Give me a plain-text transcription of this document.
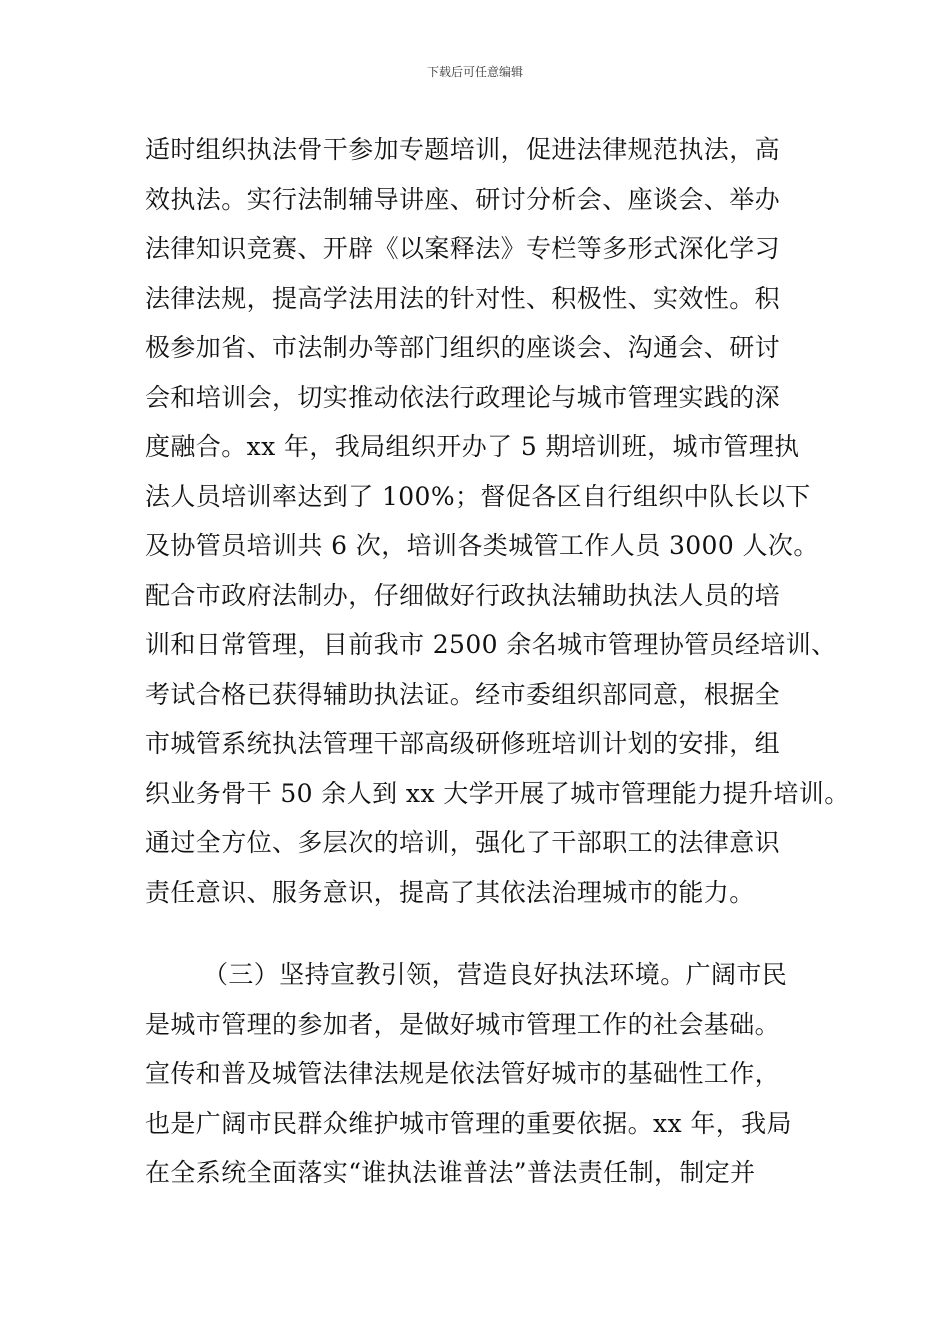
下载后可任意编辑
适时组织执法骨干参加专题培训，促进法律规范执法，高
效执法。实行法制辅导讲座、研讨分析会、座谈会、举办
法律知识竞赛、开辟《以案释法》专栏等多形式深化学习
法律法规，提高学法用法的针对性、积极性、实效性。积
极参加省、市法制办等部门组织的座谈会、沟通会、研讨
会和培训会，切实推动依法行政理论与城市管理实践的深
度融合。xx 年，我局组织开办了 5 期培训班，城市管理执
法人员培训率达到了 100%；督促各区自行组织中队长以下
及协管员培训共 6 次，培训各类城管工作人员 3000 人次。
配合市政府法制办，仔细做好行政执法辅助执法人员的培
训和日常管理，目前我市 2500 余名城市管理协管员经培训、
考试合格已获得辅助执法证。经市委组织部同意，根据全
市城管系统执法管理干部高级研修班培训计划的安排，组
织业务骨干 50 余人到 xx 大学开展了城市管理能力提升培训。
通过全方位、多层次的培训，强化了干部职工的法律意识
责任意识、服务意识，提高了其依法治理城市的能力。
（三）坚持宣教引领，营造良好执法环境。广阔市民
是城市管理的参加者，是做好城市管理工作的社会基础。
宣传和普及城管法律法规是依法管好城市的基础性工作，
也是广阔市民群众维护城市管理的重要依据。xx 年，我局
在全系统全面落实“谁执法谁普法”普法责任制，制定并
